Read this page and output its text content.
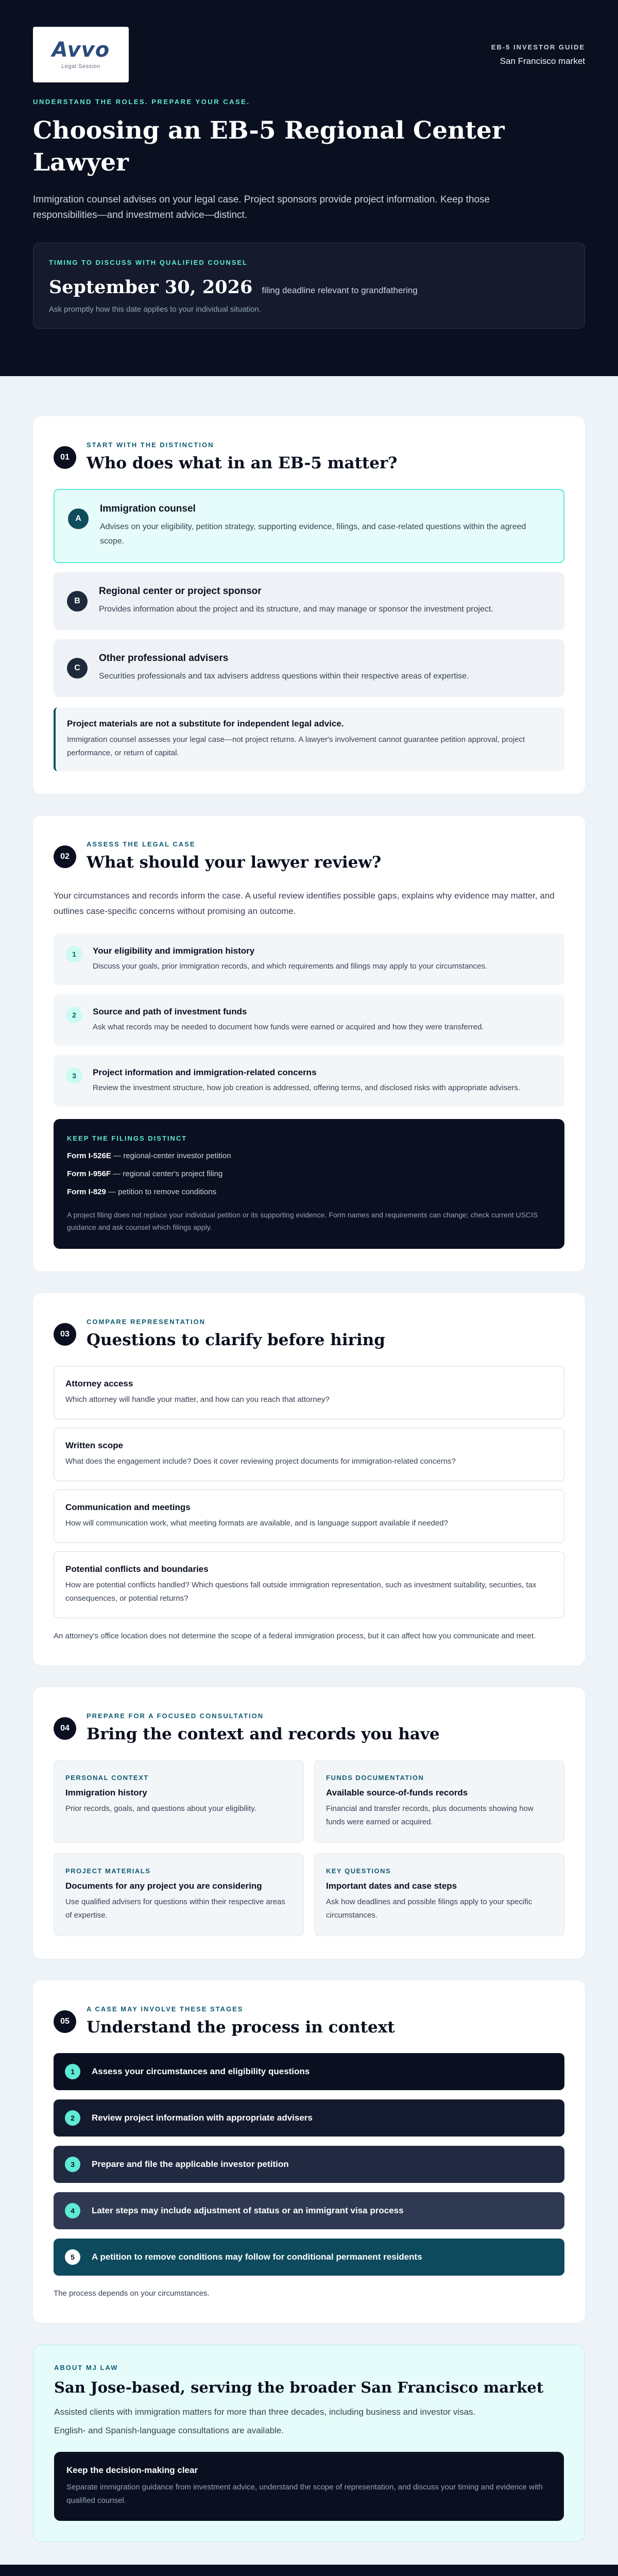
Avvo
Legal Session
EB-5 INVESTOR GUIDE
San Francisco market
UNDERSTAND THE ROLES. PREPARE YOUR CASE.
Choosing an EB-5 Regional Center Lawyer

Immigration counsel advises on your legal case. Project sponsors provide project information. Keep those responsibilities—and investment advice—distinct.

TIMING TO DISCUSS WITH QUALIFIED COUNSEL
September 30, 2026 filing deadline relevant to grandfathering
Ask promptly how this date applies to your individual situation.
01
START WITH THE DISTINCTION
Who does what in an EB-5 matter?
A
Immigration counsel
Advises on your eligibility, petition strategy, supporting evidence, filings, and case-related questions within the agreed scope.
B
Regional center or project sponsor
Provides information about the project and its structure, and may manage or sponsor the investment project.
C
Other professional advisers
Securities professionals and tax advisers address questions within their respective areas of expertise.
Project materials are not a substitute for independent legal advice.
Immigration counsel assesses your legal case—not project returns. A lawyer's involvement cannot guarantee petition approval, project performance, or return of capital.
02
ASSESS THE LEGAL CASE
What should your lawyer review?

Your circumstances and records inform the case. A useful review identifies possible gaps, explains why evidence may matter, and outlines case-specific concerns without promising an outcome.

1	Your eligibility and immigration history
Discuss your goals, prior immigration records, and which requirements and filings may apply to your circumstances.
2	Source and path of investment funds
Ask what records may be needed to document how funds were earned or acquired and how they were transferred.
3	Project information and immigration-related concerns
Review the investment structure, how job creation is addressed, offering terms, and disclosed risks with appropriate advisers.
KEEP THE FILINGS DISTINCT
Form I-526E — regional-center investor petition
Form I-956F — regional center's project filing
Form I-829 — petition to remove conditions
A project filing does not replace your individual petition or its supporting evidence. Form names and requirements can change; check current USCIS guidance and ask counsel which filings apply.
03
COMPARE REPRESENTATION
Questions to clarify before hiring
Attorney access
Which attorney will handle your matter, and how can you reach that attorney?
Written scope
What does the engagement include? Does it cover reviewing project documents for immigration-related concerns?
Communication and meetings
How will communication work, what meeting formats are available, and is language support available if needed?
Potential conflicts and boundaries
How are potential conflicts handled? Which questions fall outside immigration representation, such as investment suitability, securities, tax consequences, or potential returns?

An attorney's office location does not determine the scope of a federal immigration process, but it can affect how you communicate and meet.

04
PREPARE FOR A FOCUSED CONSULTATION
Bring the context and records you have
PERSONAL CONTEXT
Immigration history
Prior records, goals, and questions about your eligibility.
FUNDS DOCUMENTATION
Available source-of-funds records
Financial and transfer records, plus documents showing how funds were earned or acquired.
PROJECT MATERIALS
Documents for any project you are considering
Use qualified advisers for questions within their respective areas of expertise.
KEY QUESTIONS
Important dates and case steps
Ask how deadlines and possible filings apply to your specific circumstances.
05
A CASE MAY INVOLVE THESE STAGES
Understand the process in context
1	Assess your circumstances and eligibility questions
2	Review project information with appropriate advisers
3	Prepare and file the applicable investor petition
4	Later steps may include adjustment of status or an immigrant visa process
5	A petition to remove conditions may follow for conditional permanent residents

The process depends on your circumstances.

ABOUT MJ LAW
San Jose-based, serving the broader San Francisco market

Assisted clients with immigration matters for more than three decades, including business and investor visas.

English- and Spanish-language consultations are available.

Keep the decision-making clear
Separate immigration guidance from investment advice, understand the scope of representation, and discuss your timing and evidence with qualified counsel.
